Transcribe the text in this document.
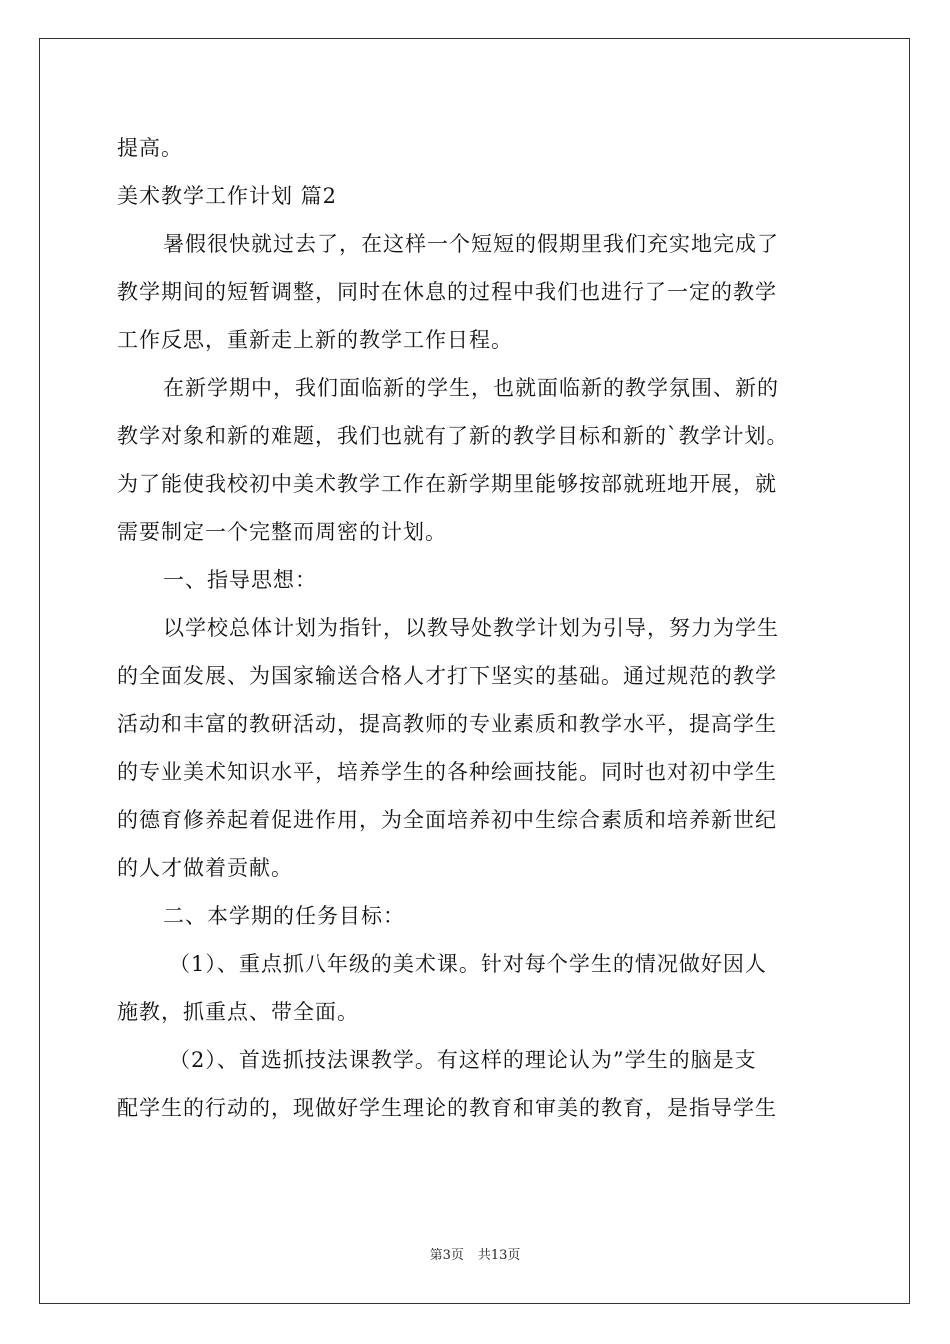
提高。
美术教学工作计划 篇2
暑假很快就过去了，在这样一个短短的假期里我们充实地完成了
教学期间的短暂调整，同时在休息的过程中我们也进行了一定的教学
工作反思，重新走上新的教学工作日程。
在新学期中，我们面临新的学生，也就面临新的教学氛围、新的
教学对象和新的难题，我们也就有了新的教学目标和新的`教学计划。
为了能使我校初中美术教学工作在新学期里能够按部就班地开展，就
需要制定一个完整而周密的计划。
一、指导思想：
以学校总体计划为指针，以教导处教学计划为引导，努力为学生
的全面发展、为国家输送合格人才打下坚实的基础。通过规范的教学
活动和丰富的教研活动，提高教师的专业素质和教学水平，提高学生
的专业美术知识水平，培养学生的各种绘画技能。同时也对初中学生
的德育修养起着促进作用，为全面培养初中生综合素质和培养新世纪
的人才做着贡献。
二、本学期的任务目标：
（1）、重点抓八年级的美术课。针对每个学生的情况做好因人
施教，抓重点、带全面。
（2）、首选抓技法课教学。有这样的理论认为”学生的脑是支
配学生的行动的，现做好学生理论的教育和审美的教育，是指导学生
第3页 共13页
